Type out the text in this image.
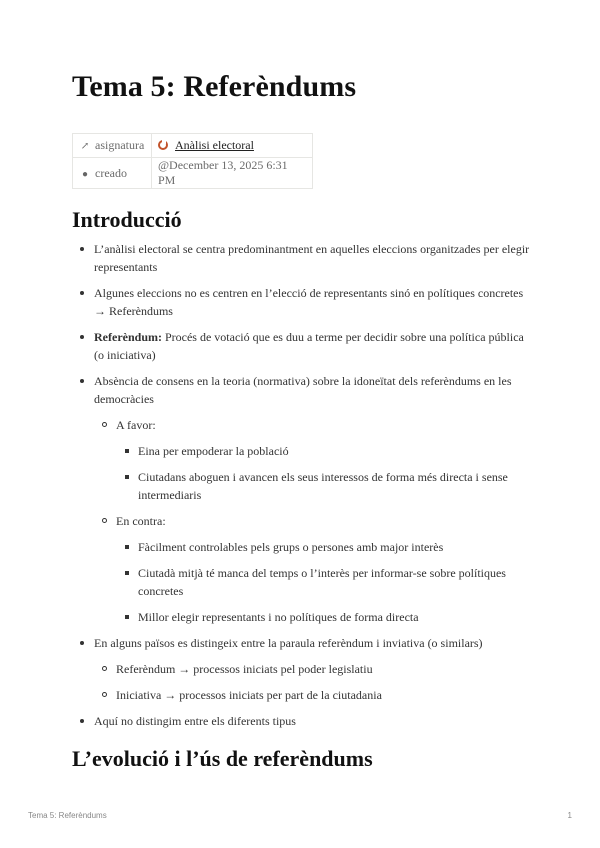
Tema 5: Referèndums
↗ asignatura	Anàlisi electoral
● creado	@December 13, 2025 6:31 PM
Introducció
L’anàlisi electoral se centra predominantment en aquelles eleccions organitzades per elegir representants
Algunes eleccions no es centren en l’elecció de representants sinó en polítiques concretes → Referèndums
Referèndum: Procés de votació que es duu a terme per decidir sobre una política pública (o iniciativa)
Absència de consens en la teoria (normativa) sobre la idoneïtat dels referèndums en les democràcies
A favor:
Eina per empoderar la població
Ciutadans aboguen i avancen els seus interessos de forma més directa i sense intermediaris
En contra:
Fàcilment controlables pels grups o persones amb major interès
Ciutadà mitjà té manca del temps o l’interès per informar-se sobre polítiques concretes
Millor elegir representants i no polítiques de forma directa
En alguns països es distingeix entre la paraula referèndum i inviativa (o similars)
Referèndum → processos iniciats pel poder legislatiu
Iniciativa → processos iniciats per part de la ciutadania
Aquí no distingim entre els diferents tipus
L’evolució i l’ús de referèndums
Tema 5: Referèndums	1
